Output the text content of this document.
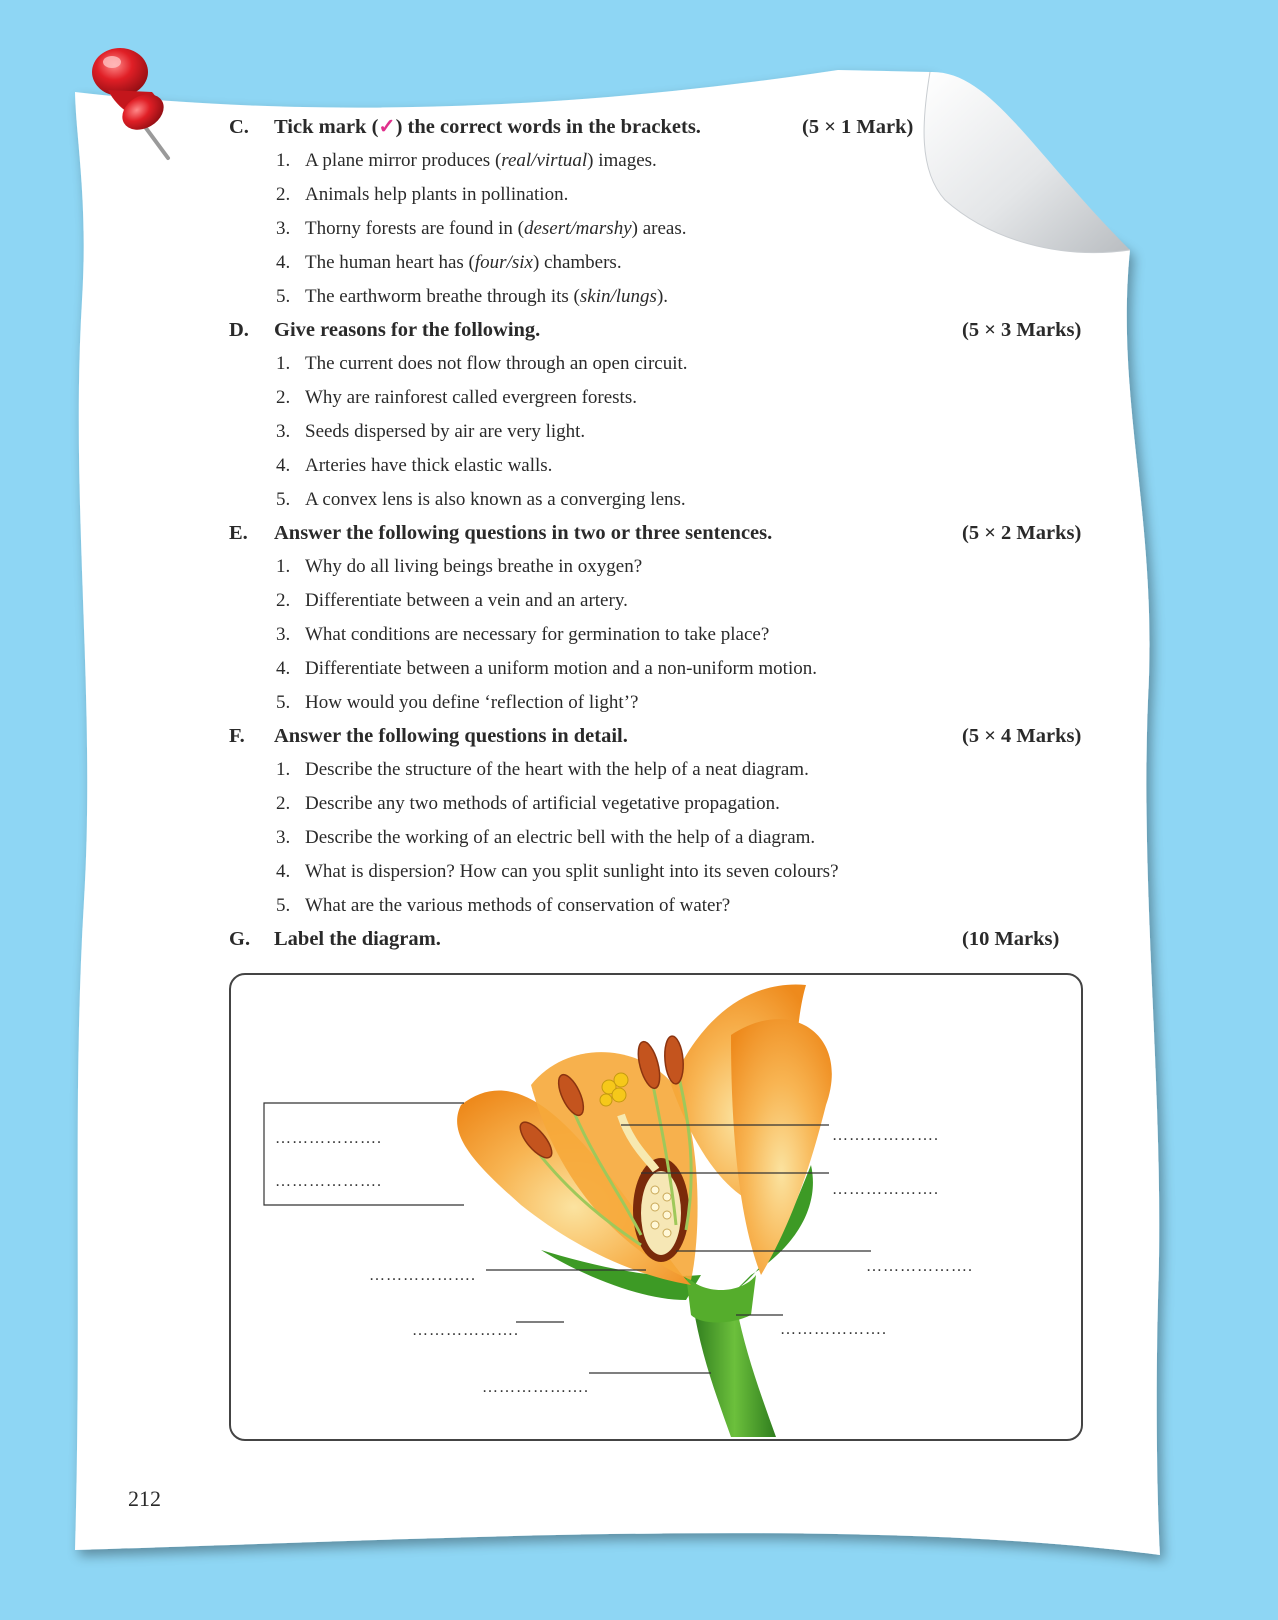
C. Tick mark (✓) the correct words in the brackets.	(5 × 1 Mark)
1. A plane mirror produces (real/virtual) images.
2. Animals help plants in pollination.
3. Thorny forests are found in (desert/marshy) areas.
4. The human heart has (four/six) chambers.
5. The earthworm breathe through its (skin/lungs).
D. Give reasons for the following.	(5 × 3 Marks)
1. The current does not flow through an open circuit.
2. Why are rainforest called evergreen forests.
3. Seeds dispersed by air are very light.
4. Arteries have thick elastic walls.
5. A convex lens is also known as a converging lens.
E. Answer the following questions in two or three sentences.	(5 × 2 Marks)
1. Why do all living beings breathe in oxygen?
2. Differentiate between a vein and an artery.
3. What conditions are necessary for germination to take place?
4. Differentiate between a uniform motion and a non-uniform motion.
5. How would you define ‘reflection of light’?
F. Answer the following questions in detail.	(5 × 4 Marks)
1. Describe the structure of the heart with the help of a neat diagram.
2. Describe any two methods of artificial vegetative propagation.
3. Describe the working of an electric bell with the help of a diagram.
4. What is dispersion? How can you split sunlight into its seven colours?
5. What are the various methods of conservation of water?
G. Label the diagram.	(10 Marks)
……………….
……………….
……………….
……………….
……………….
……………….
……………….	……………….
……………….
212
